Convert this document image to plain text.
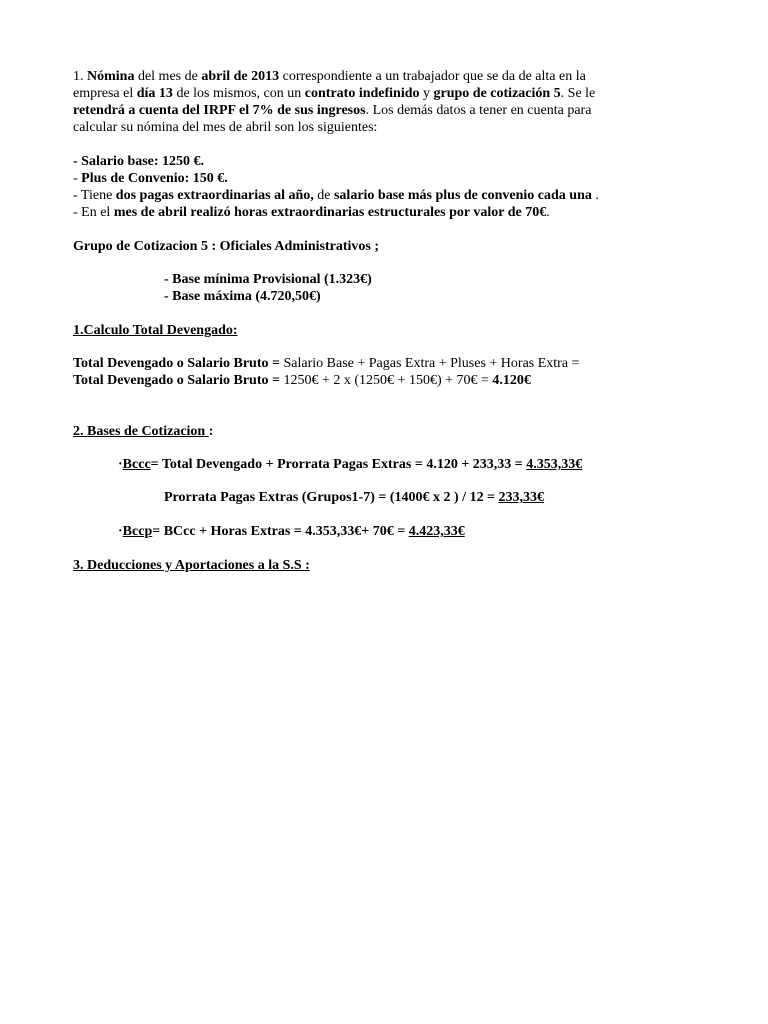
1. Nómina del mes de abril de 2013 correspondiente a un trabajador que se da de alta en la
empresa el día 13 de los mismos, con un contrato indefinido y grupo de cotización 5. Se le
retendrá a cuenta del IRPF el 7% de sus ingresos. Los demás datos a tener en cuenta para
calcular su nómina del mes de abril son los siguientes:

- Salario base: 1250 €.
- Plus de Convenio: 150 €.
- Tiene dos pagas extraordinarias al año, de salario base más plus de convenio cada una .
- En el mes de abril realizó horas extraordinarias estructurales por valor de 70€.

Grupo de Cotizacion 5 : Oficiales Administrativos ;

- Base mínima Provisional (1.323€)
- Base máxima (4.720,50€)

1.Calculo Total Devengado:

Total Devengado o Salario Bruto = Salario Base + Pagas Extra + Pluses + Horas Extra =
Total Devengado o Salario Bruto = 1250€ + 2 x (1250€ + 150€) + 70€ = 4.120€

2. Bases de Cotizacion :

·Bccc= Total Devengado + Prorrata Pagas Extras = 4.120 + 233,33 = 4.353,33€

Prorrata Pagas Extras (Grupos1-7) = (1400€ x 2 ) / 12 = 233,33€

·Bccp= BCcc + Horas Extras = 4.353,33€+ 70€ = 4.423,33€

3. Deducciones y Aportaciones a la S.S :
